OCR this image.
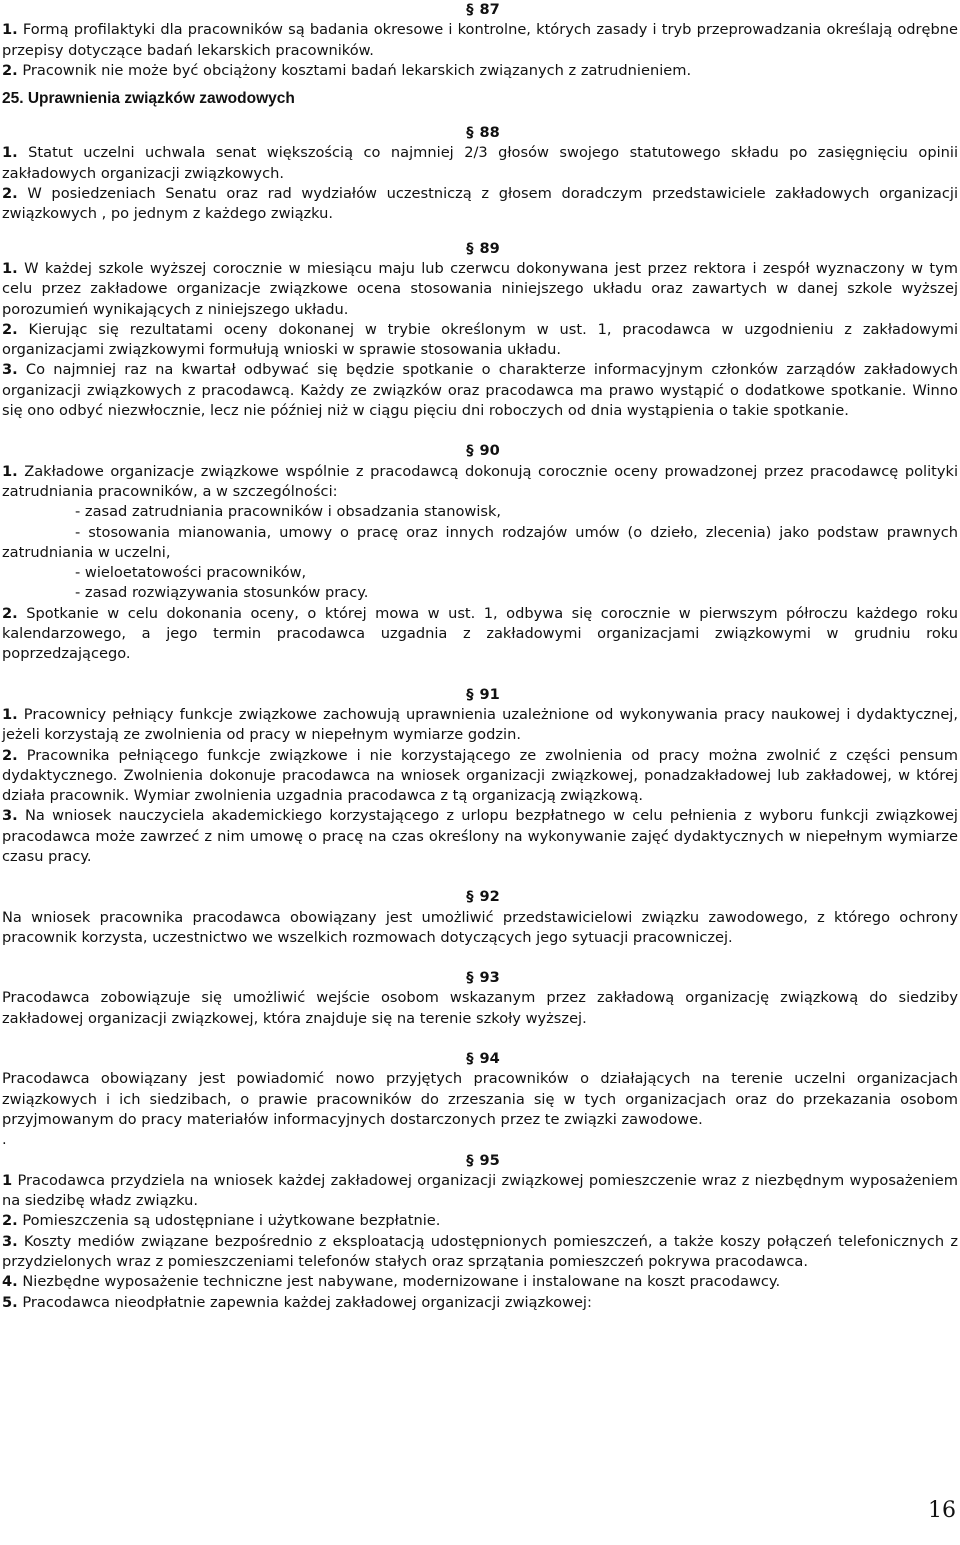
§ 87

1. Formą profilaktyki dla pracowników są badania okresowe i kontrolne, których zasady i tryb przeprowadzania określają odrębne przepisy dotyczące badań lekarskich pracowników.

2. Pracownik nie może być obciążony kosztami badań lekarskich związanych z zatrudnieniem.

25. Uprawnienia związków zawodowych
§ 88

1. Statut uczelni uchwala senat większością co najmniej 2/3 głosów swojego statutowego składu po zasięgnięciu opinii zakładowych organizacji związkowych.

2. W posiedzeniach Senatu oraz rad wydziałów uczestniczą z głosem doradczym przedstawiciele zakładowych organizacji związkowych , po jednym z każdego związku.

§ 89

1. W każdej szkole wyższej corocznie w miesiącu maju lub czerwcu dokonywana jest przez rektora i zespół wyznaczony w tym celu przez zakładowe organizacje związkowe ocena stosowania niniejszego układu oraz zawartych w danej szkole wyższej porozumień wynikających z niniejszego układu.

2. Kierując się rezultatami oceny dokonanej w trybie określonym w ust. 1, pracodawca w uzgodnieniu z zakładowymi organizacjami związkowymi formułują wnioski w sprawie stosowania układu.

3. Co najmniej raz na kwartał odbywać się będzie spotkanie o charakterze informacyjnym członków zarządów zakładowych organizacji związkowych z pracodawcą. Każdy ze związków oraz pracodawca ma prawo wystąpić o dodatkowe spotkanie. Winno się ono odbyć niezwłocznie, lecz nie później niż w ciągu pięciu dni roboczych od dnia wystąpienia o takie spotkanie.

§ 90

1. Zakładowe organizacje związkowe wspólnie z pracodawcą dokonują corocznie oceny prowadzonej przez pracodawcę polityki zatrudniania pracowników, a w szczególności:

- zasad zatrudniania pracowników i obsadzania stanowisk,
- stosowania mianowania, umowy o pracę oraz innych rodzajów umów (o dzieło, zlecenia) jako podstaw prawnych zatrudniania w uczelni,
- wieloetatowości pracowników,
- zasad rozwiązywania stosunków pracy.

2. Spotkanie w celu dokonania oceny, o której mowa w ust. 1, odbywa się corocznie w pierwszym półroczu każdego roku kalendarzowego, a jego termin pracodawca uzgadnia z zakładowymi organizacjami związkowymi w grudniu roku poprzedzającego.

§ 91

1. Pracownicy pełniący funkcje związkowe zachowują uprawnienia uzależnione od wykonywania pracy naukowej i dydaktycznej, jeżeli korzystają ze zwolnienia od pracy w niepełnym wymiarze godzin.

2. Pracownika pełniącego funkcje związkowe i nie korzystającego ze zwolnienia od pracy można zwolnić z części pensum dydaktycznego. Zwolnienia dokonuje pracodawca na wniosek organizacji związkowej, ponadzakładowej lub zakładowej, w której działa pracownik. Wymiar zwolnienia uzgadnia pracodawca z tą organizacją związkową.

3. Na wniosek nauczyciela akademickiego korzystającego z urlopu bezpłatnego w celu pełnienia z wyboru funkcji związkowej pracodawca może zawrzeć z nim umowę o pracę na czas określony na wykonywanie zajęć dydaktycznych w niepełnym wymiarze czasu pracy.

§ 92

Na wniosek pracownika pracodawca obowiązany jest umożliwić przedstawicielowi związku zawodowego, z którego ochrony pracownik korzysta, uczestnictwo we wszelkich rozmowach dotyczących jego sytuacji pracowniczej.

§ 93

Pracodawca zobowiązuje się umożliwić wejście osobom wskazanym przez zakładową organizację związkową do siedziby zakładowej organizacji związkowej, która znajduje się na terenie szkoły wyższej.

§ 94

Pracodawca obowiązany jest powiadomić nowo przyjętych pracowników o działających na terenie uczelni organizacjach związkowych i ich siedzibach, o prawie pracowników do zrzeszania się w tych organizacjach oraz do przekazania osobom przyjmowanym do pracy materiałów informacyjnych dostarczonych przez te związki zawodowe.

.

§ 95

1 Pracodawca przydziela na wniosek każdej zakładowej organizacji związkowej pomieszczenie wraz z niezbędnym wyposażeniem na siedzibę władz związku.

2. Pomieszczenia są udostępniane i użytkowane bezpłatnie.

3. Koszty mediów związane bezpośrednio z eksploatacją udostępnionych pomieszczeń, a także koszy połączeń telefonicznych z przydzielonych wraz z pomieszczeniami telefonów stałych oraz sprzątania pomieszczeń pokrywa pracodawca.

4. Niezbędne wyposażenie techniczne jest nabywane, modernizowane i instalowane na koszt pracodawcy.

5. Pracodawca nieodpłatnie zapewnia każdej zakładowej organizacji związkowej:

16
